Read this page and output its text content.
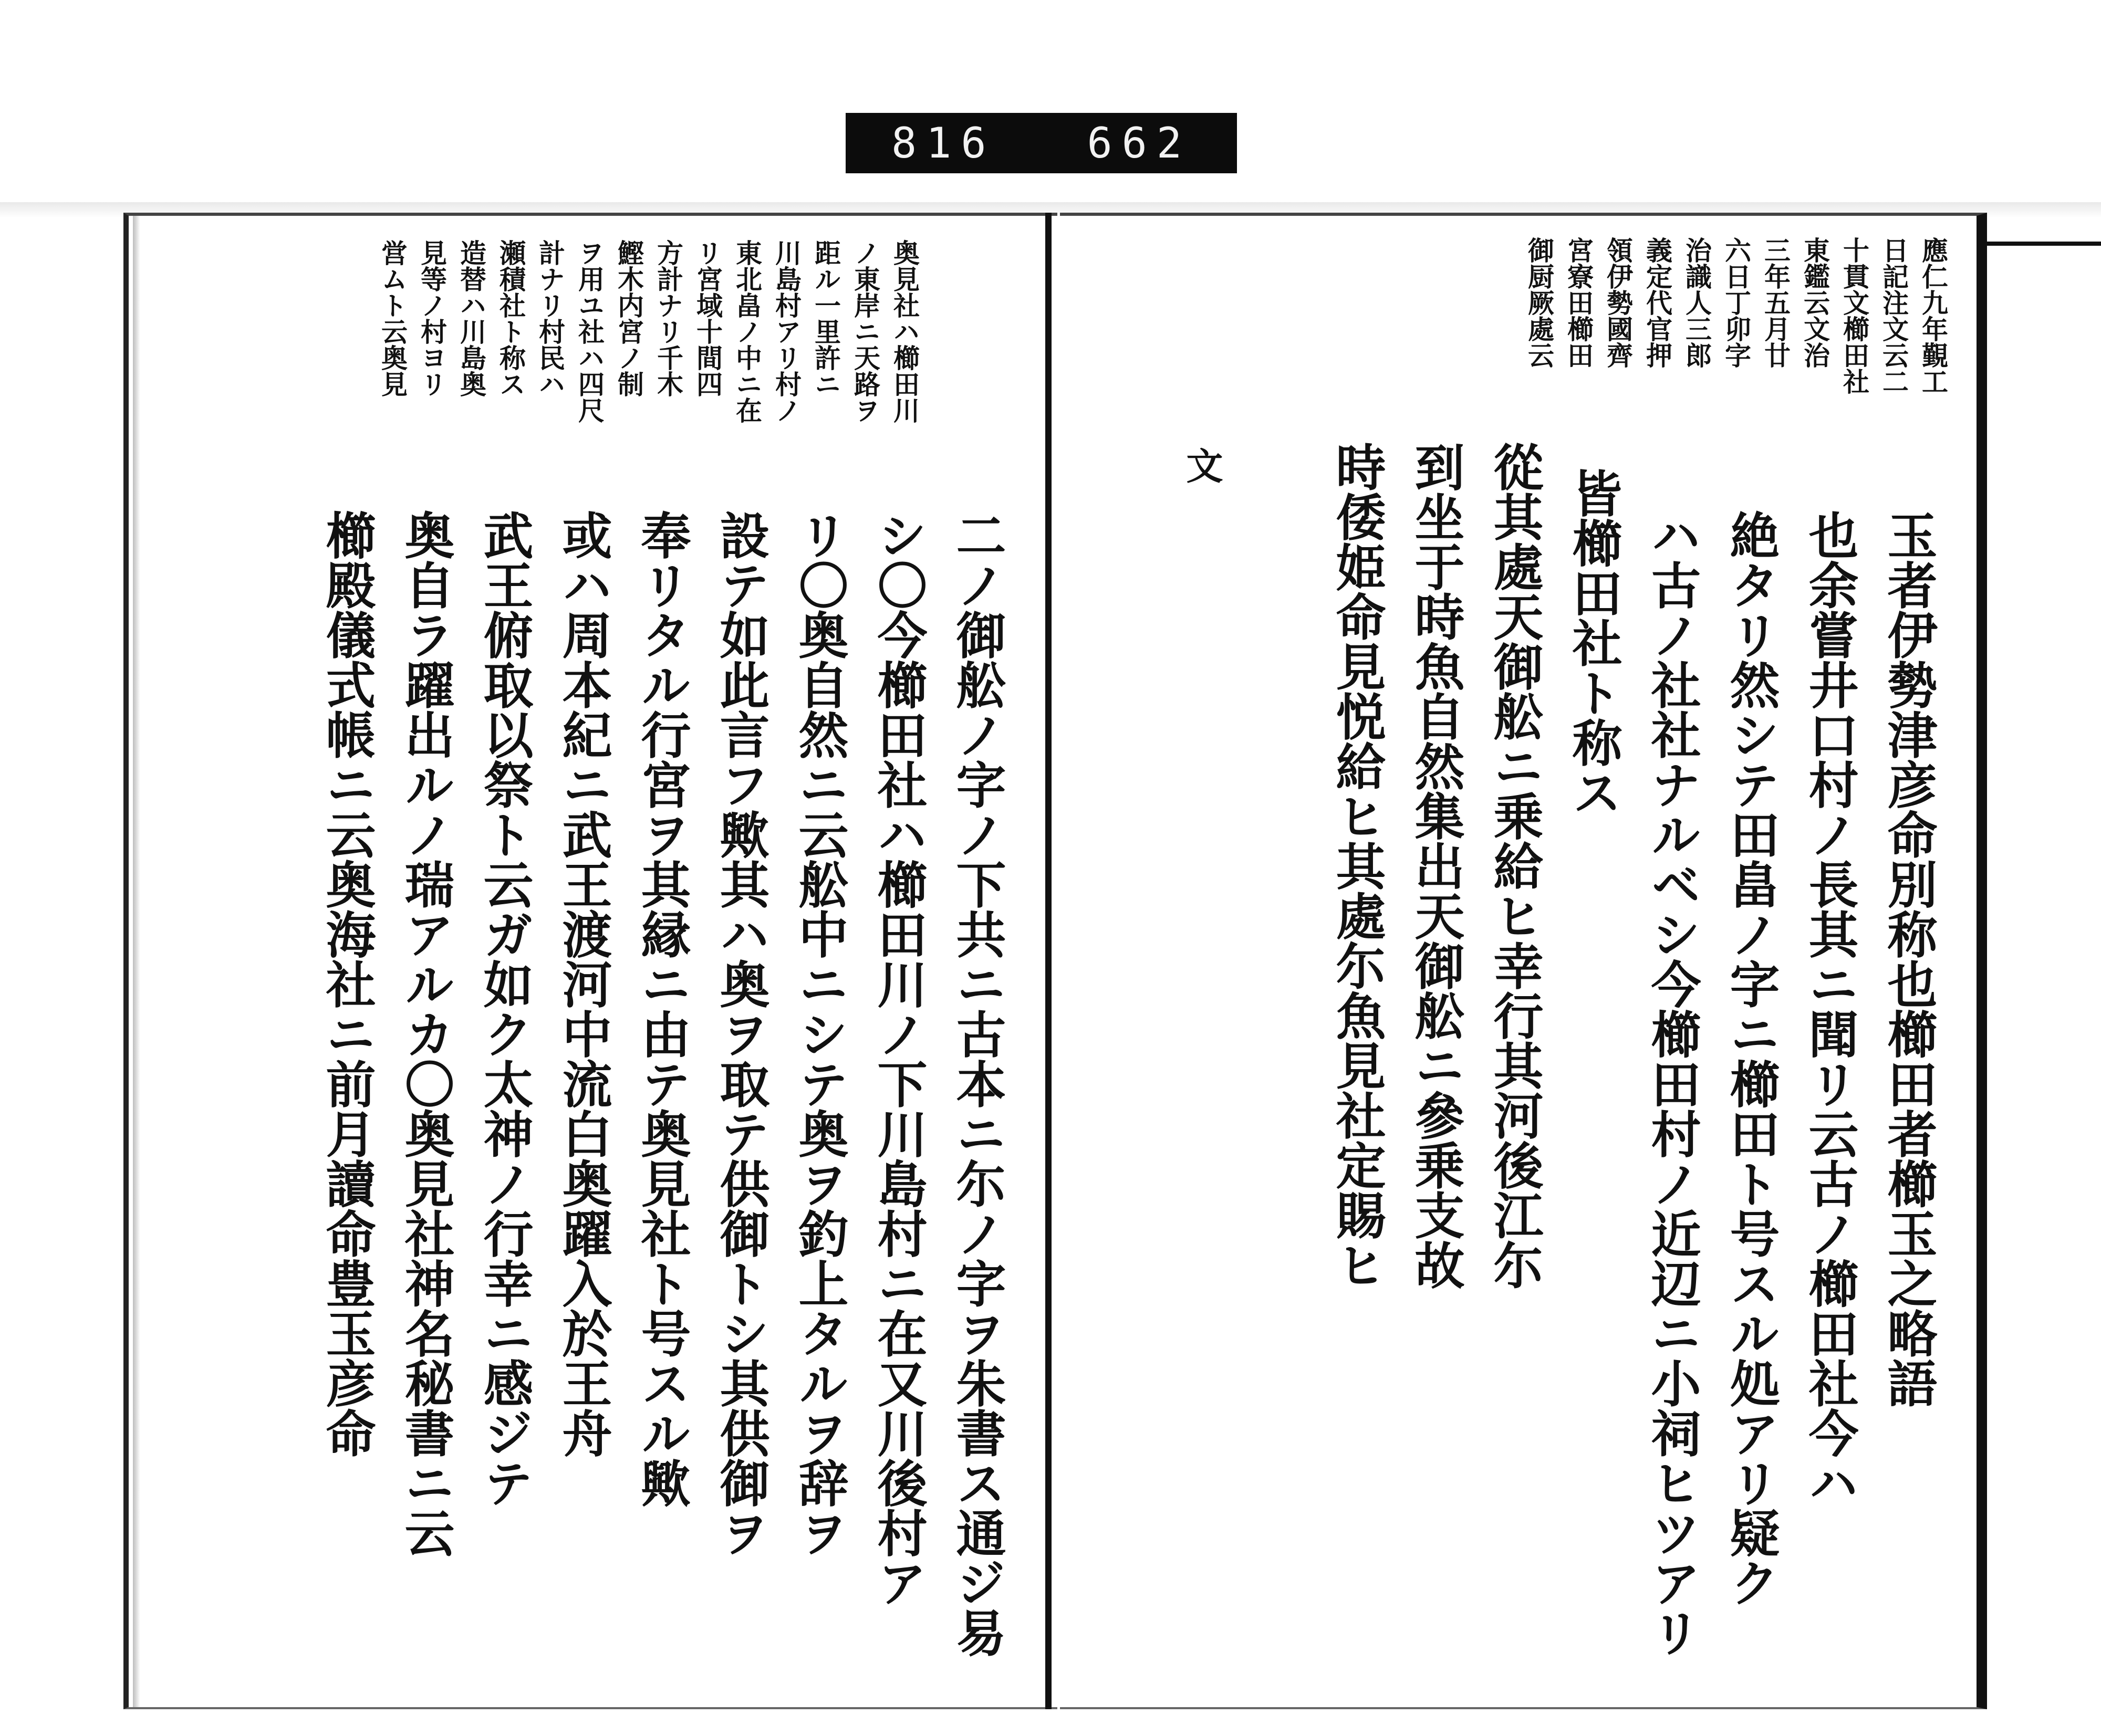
816 662

奥見社ハ櫛田川

ノ東岸ニ天路ヲ

距ル一里許ニ

川島村アリ村ノ

東北畠ノ中ニ在

リ宮域十間四

方計ナリ千木

鰹木内宮ノ制

ヲ用ユ社ハ四尺

計ナリ村民ハ

瀬積社ト称ス

造替ハ川島奥

見等ノ村ヨリ

営ムト云奥見

二ノ御舩ノ字ノ下共ニ古本ニ尓ノ字ヲ朱書ス通ジ易

シ〇今櫛田社ハ櫛田川ノ下川島村ニ在又川後村ア

リ〇奥自然ニ云舩中ニシテ奥ヲ釣上タルヲ辞ヲ

設テ如此言フ歟其ハ奥ヲ取テ供御トシ其供御ヲ

奉リタル行宮ヲ其縁ニ由テ奥見社ト号スル歟

或ハ周本紀ニ武王渡河中流白奥躍入於王舟

武王俯取以祭ト云ガ如ク太神ノ行幸ニ感ジテ

奥自ラ躍出ルノ瑞アルカ〇奥見社神名秘書ニ云

櫛殿儀式帳ニ云奥海社ニ前月讀命豊玉彦命

應仁九年覲工

日記注文云二

十貫文櫛田社

東鑑云文治

三年五月廿

六日丁卯字

治識人三郎

義定代官押

領伊勢國齊

宮寮田櫛田

御厨厥處云

玉者伊勢津彦命別称也櫛田者櫛玉之略語

也余嘗井口村ノ長其ニ聞リ云古ノ櫛田社今ハ

絶タリ然シテ田畠ノ字ニ櫛田ト号スル処アリ疑ク

ハ古ノ社社ナルベシ今櫛田村ノ近辺ニ小祠ヒツアリ

皆櫛田社ト称ス

從其處天御舩ニ乗給ヒ幸行其河後江尓

到坐于時魚自然集出天御舩ニ參乗支故

時倭姫命見悦給ヒ其處尓魚見社定賜ヒ

文
